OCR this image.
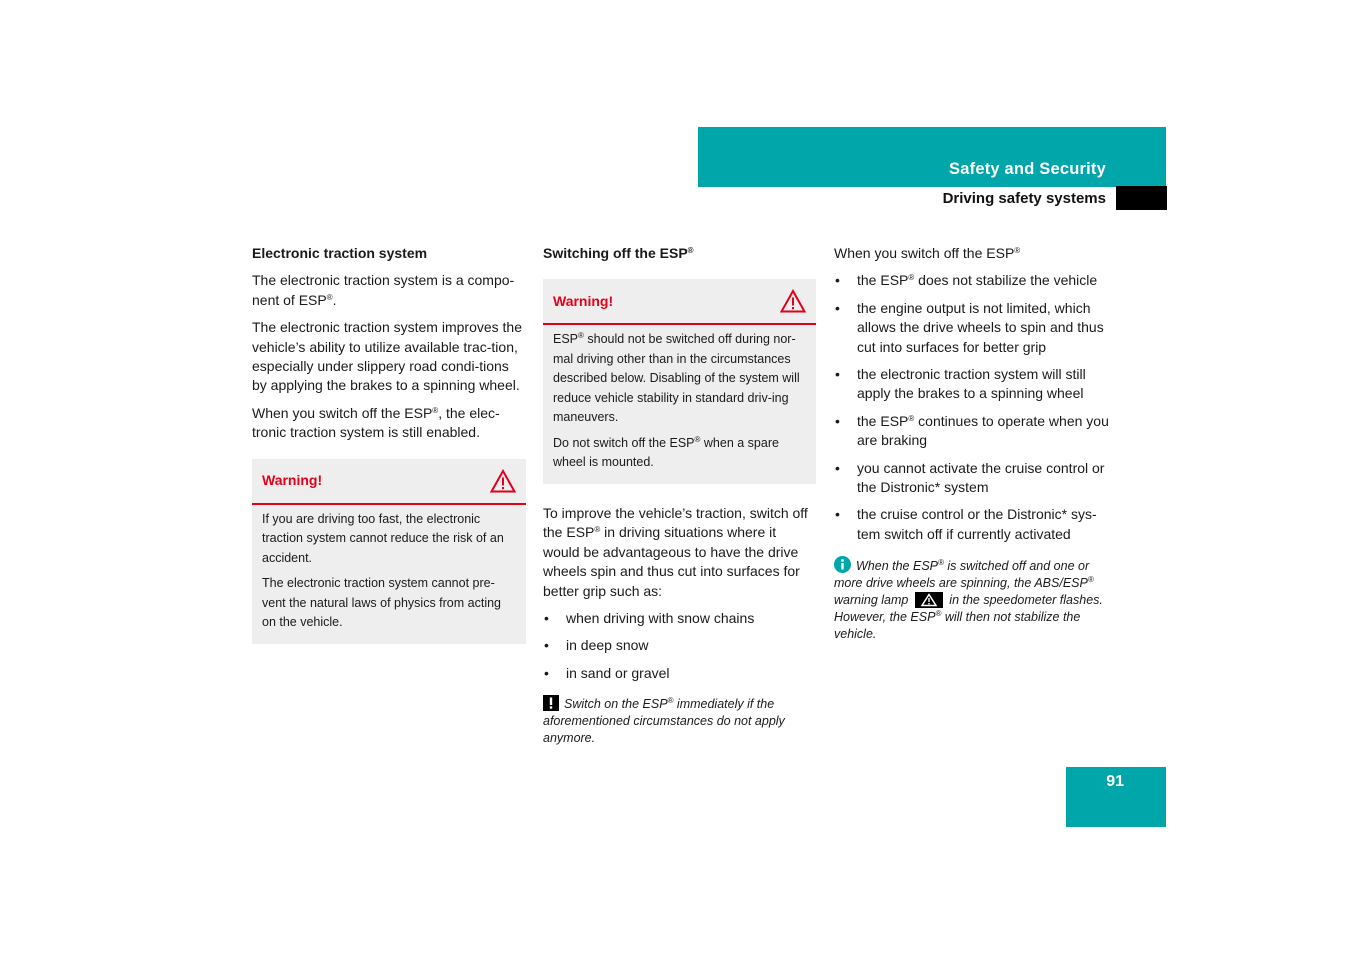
Safety and Security
Driving safety systems
Electronic traction system

The electronic traction system is a compo-nent of ESP®.

The electronic traction system improves the vehicle’s ability to utilize available trac-tion, especially under slippery road condi-tions by applying the brakes to a spinning wheel.

When you switch off the ESP®, the elec-tronic traction system is still enabled.

Warning!

If you are driving too fast, the electronic traction system cannot reduce the risk of an accident.

The electronic traction system cannot pre-vent the natural laws of physics from acting on the vehicle.

Switching off the ESP®
Warning!

ESP® should not be switched off during nor-mal driving other than in the circumstances described below. Disabling of the system will reduce vehicle stability in standard driv-ing maneuvers.

Do not switch off the ESP® when a spare wheel is mounted.

To improve the vehicle’s traction, switch off the ESP® in driving situations where it would be advantageous to have the drive wheels spin and thus cut into surfaces for better grip such as:

• when driving with snow chains
• in deep snow
• in sand or gravel
Switch on the ESP® immediately if the aforementioned circumstances do not apply anymore.

When you switch off the ESP®

• the ESP® does not stabilize the vehicle
• the engine output is not limited, which allows the drive wheels to spin and thus cut into surfaces for better grip
• the electronic traction system will still apply the brakes to a spinning wheel
• the ESP® continues to operate when you are braking
• you cannot activate the cruise control or the Distronic* system
• the cruise control or the Distronic* sys-tem switch off if currently activated
When the ESP® is switched off and one or more drive wheels are spinning, the ABS/ESP® warning lamp	in the speedometer flashes. However, the ESP® will then not stabilize the vehicle.
91
